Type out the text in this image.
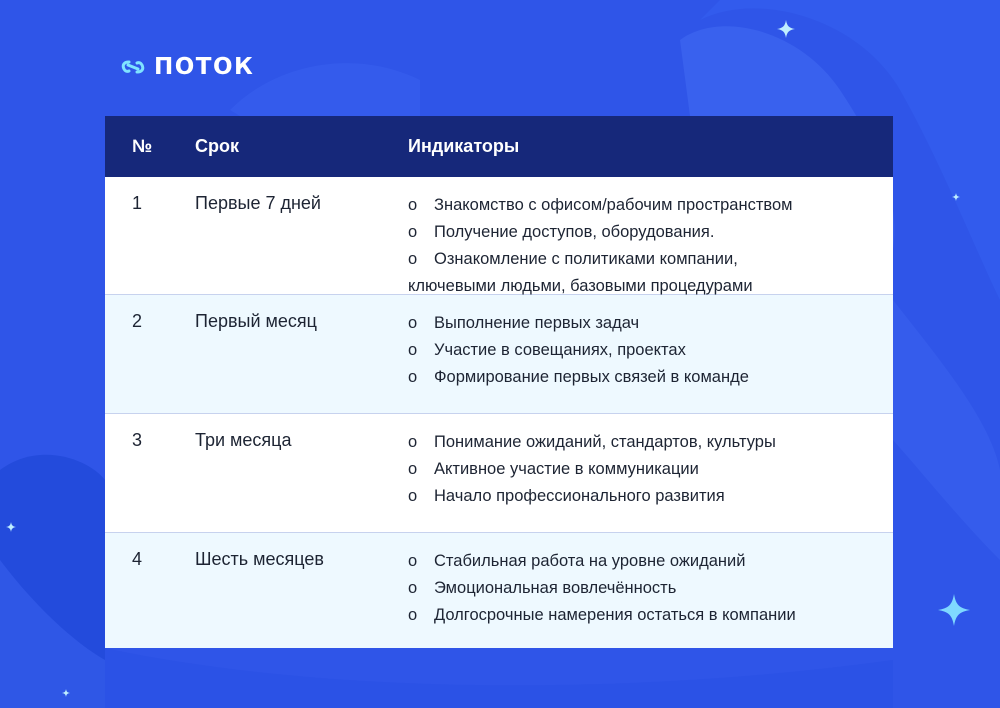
ПОТОК
№ Срок	Индикаторы
1	Первые 7 дней	o Знакомство с офисом/рабочим пространством
o Получение доступов, оборудования.
o Ознакомление с политиками компании,
ключевыми людьми, базовыми процедурами
2	Первый месяц	o Выполнение первых задач
o Участие в совещаниях, проектах
o Формирование первых связей в команде
3	Три месяца	o Понимание ожиданий, стандартов, культуры
o Активное участие в коммуникации
o Начало профессионального развития
4	Шесть месяцев	o Стабильная работа на уровне ожиданий
o Эмоциональная вовлечённость
o Долгосрочные намерения остаться в компании
